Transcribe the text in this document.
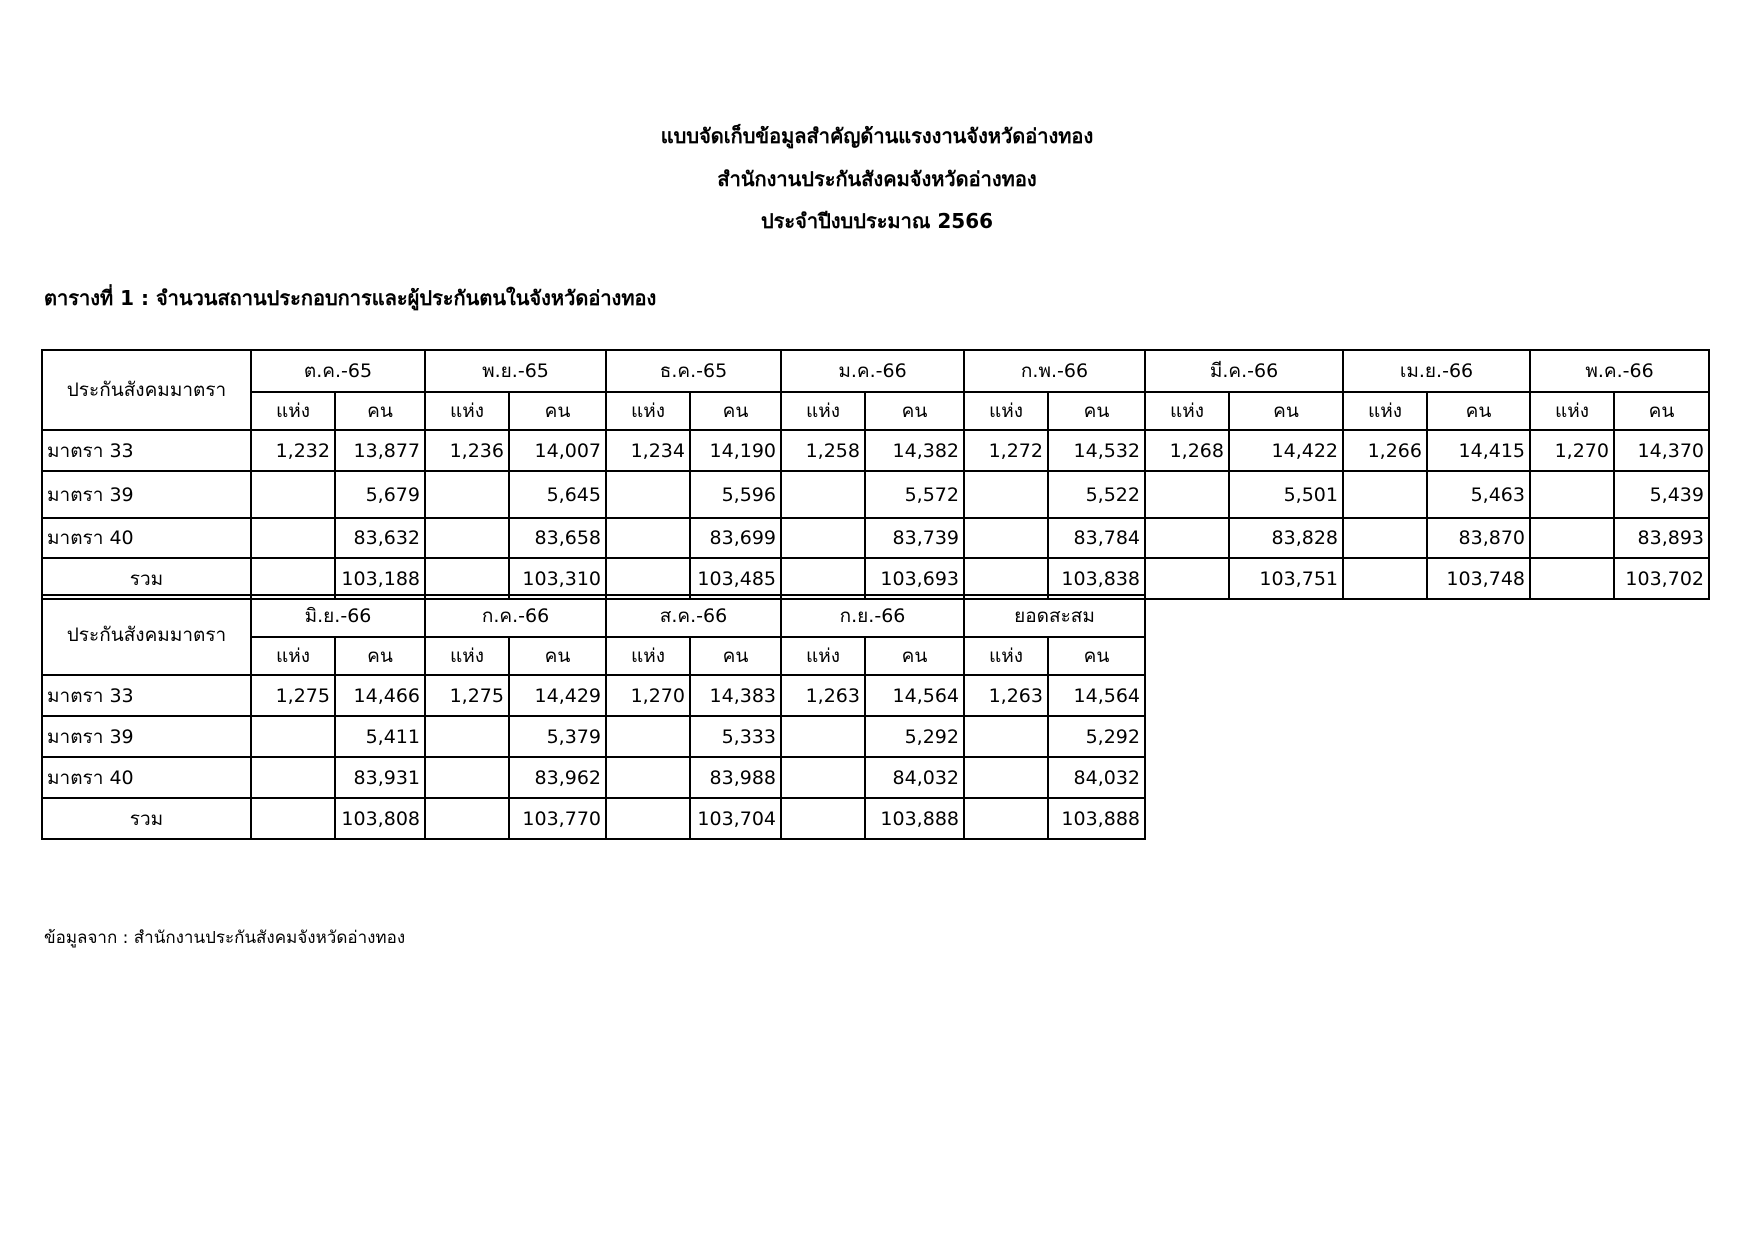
แบบจัดเก็บข้อมูลสำคัญด้านแรงงานจังหวัดอ่างทอง
สำนักงานประกันสังคมจังหวัดอ่างทอง
ประจำปีงบประมาณ 2566
ตารางที่ 1 : จำนวนสถานประกอบการและผู้ประกันตนในจังหวัดอ่างทอง
ประกันสังคมมาตรา	ต.ค.-65		พ.ย.-65		ธ.ค.-65		ม.ค.-66		ก.พ.-66		มี.ค.-66		เม.ย.-66		พ.ค.-66	
	แห่ง	คน	แห่ง	คน	แห่ง	คน	แห่ง	คน	แห่ง	คน	แห่ง	คน	แห่ง	คน	แห่ง	คน
มาตรา 33	1,232	13,877	1,236	14,007	1,234	14,190	1,258	14,382	1,272	14,532	1,268	14,422	1,266	14,415	1,270	14,370
มาตรา 39		5,679		5,645		5,596		5,572		5,522		5,501		5,463		5,439
มาตรา 40		83,632		83,658		83,699		83,739		83,784		83,828		83,870		83,893
รวม		103,188		103,310		103,485		103,693		103,838		103,751		103,748		103,702
ประกันสังคมมาตรา	มิ.ย.-66		ก.ค.-66		ส.ค.-66		ก.ย.-66		ยอดสะสม	
	แห่ง	คน	แห่ง	คน	แห่ง	คน	แห่ง	คน	แห่ง	คน
มาตรา 33	1,275	14,466	1,275	14,429	1,270	14,383	1,263	14,564	1,263	14,564
มาตรา 39		5,411		5,379		5,333		5,292		5,292
มาตรา 40		83,931		83,962		83,988		84,032		84,032
รวม		103,808		103,770		103,704		103,888		103,888
ข้อมูลจาก : สำนักงานประกันสังคมจังหวัดอ่างทอง
